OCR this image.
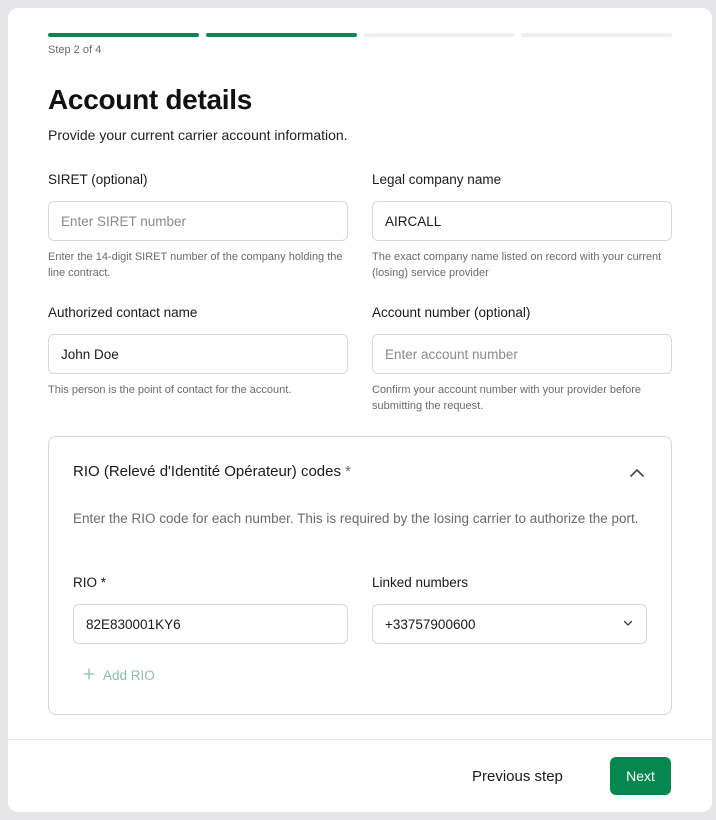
Step 2 of 4
Account details

Provide your current carrier account information.

SIRET (optional)
Enter SIRET number
Enter the 14-digit SIRET number of the company holding the line contract.
Legal company name
AIRCALL
The exact company name listed on record with your current (losing) service provider
Authorized contact name
John Doe
This person is the point of contact for the account.
Account number (optional)
Enter account number
Confirm your account number with your provider before submitting the request.
RIO (Relevé d'Identité Opérateur) codes *
Enter the RIO code for each number. This is required by the losing carrier to authorize the port.
RIO *
82E830001KY6	Linked numbers
+33757900600
Add RIO
Previous step	Next
